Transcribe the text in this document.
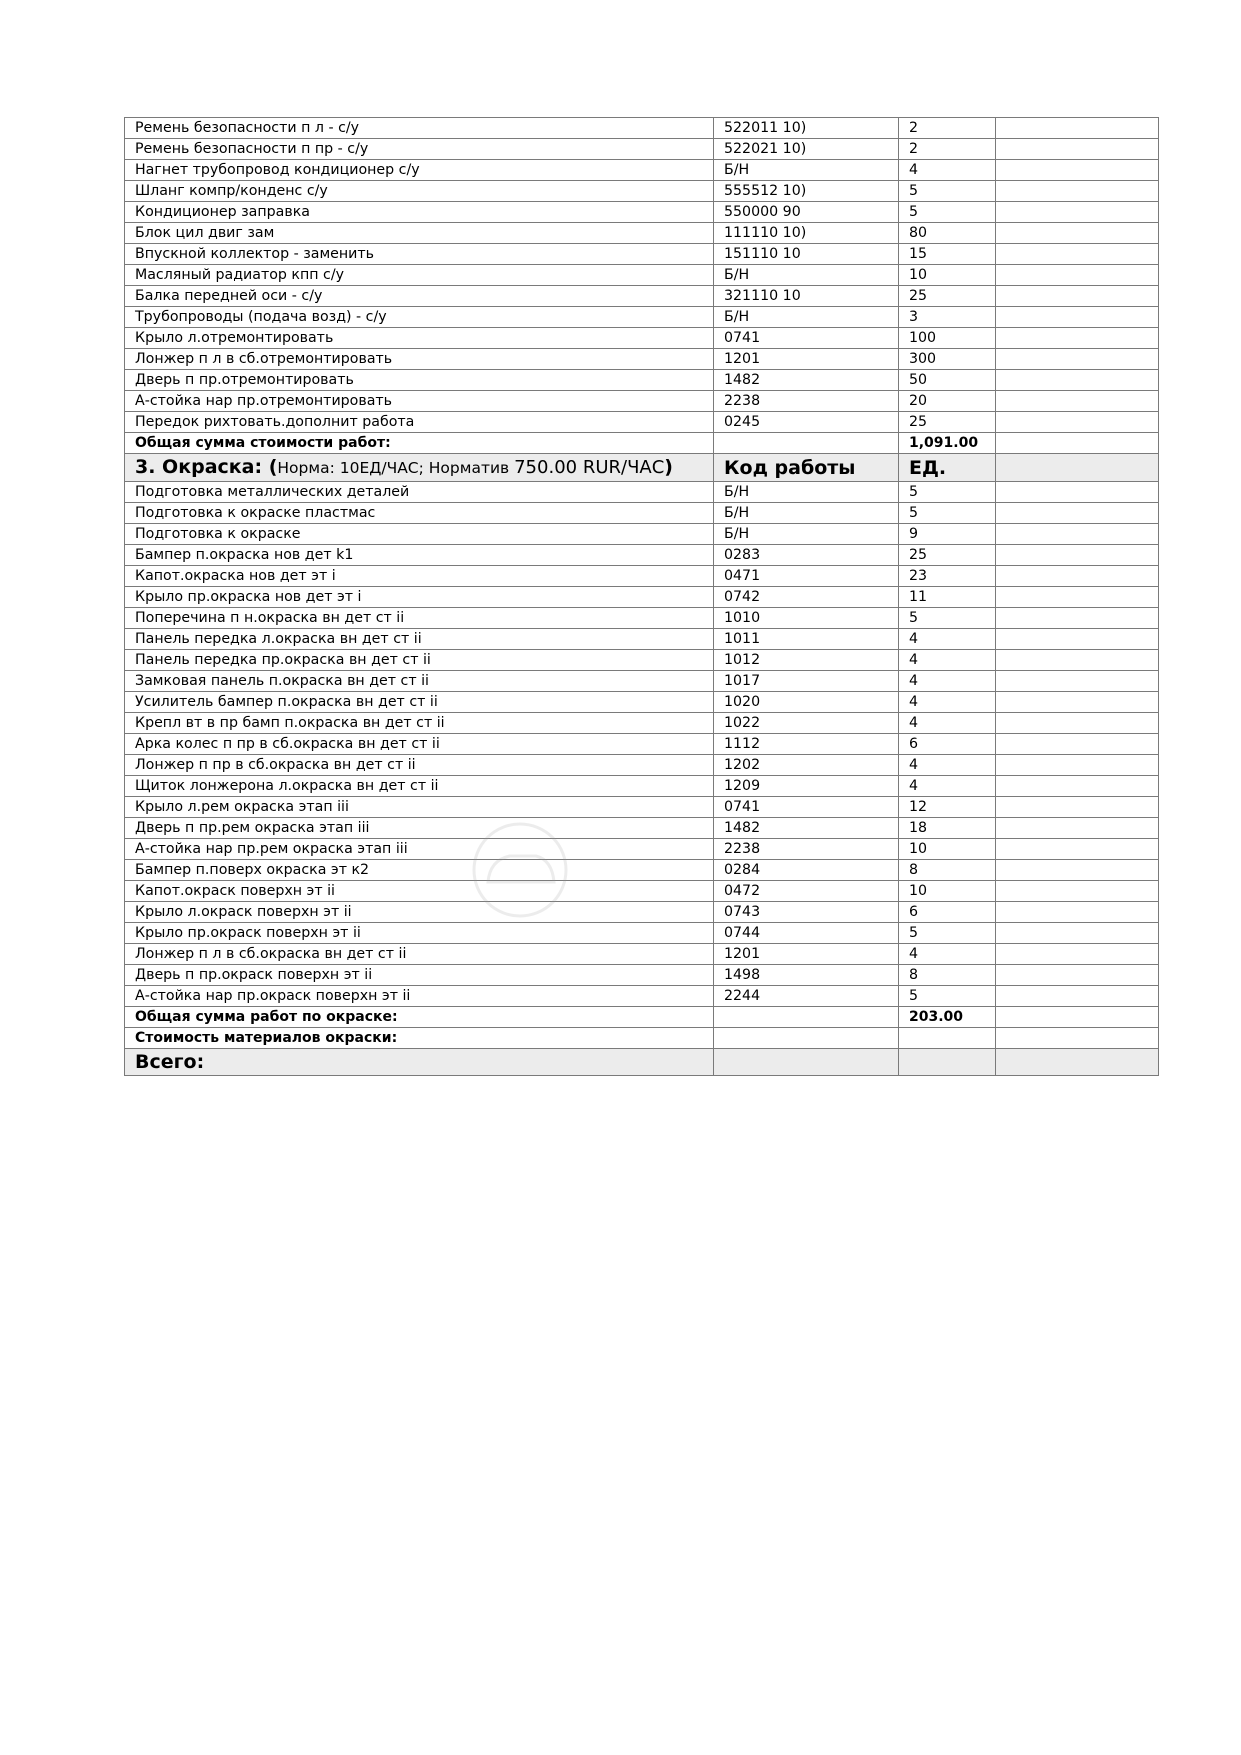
Ремень безопасности п л - с/у	522011 10)	2	
Ремень безопасности п пр - с/у	522021 10)	2	
Нагнет трубопровод кондиционер с/у	Б/Н	4	
Шланг компр/конденс с/у	555512 10)	5	
Кондиционер заправка	550000 90	5	
Блок цил двиг зам	111110 10)	80	
Впускной коллектор - заменить	151110 10	15	
Масляный радиатор кпп с/у	Б/Н	10	
Балка передней оси - с/у	321110 10	25	
Трубопроводы (подача возд) - с/у	Б/Н	3	
Крыло л.отремонтировать	0741	100	
Лонжер п л в сб.отремонтировать	1201	300	
Дверь п пр.отремонтировать	1482	50	
А-стойка нар пр.отремонтировать	2238	20	
Передок рихтовать.дополнит работа	0245	25	
Общая сумма стоимости работ:		1,091.00	
3. Окраска: (Норма: 10ЕД/ЧАС; Норматив 750.00 RUR/ЧАС)	Код работы	ЕД.	
Подготовка металлических деталей	Б/Н	5	
Подготовка к окраске пластмас	Б/Н	5	
Подготовка к окраске	Б/Н	9	
Бампер п.окраска нов дет k1	0283	25	
Капот.окраска нов дет эт i	0471	23	
Крыло пр.окраска нов дет эт i	0742	11	
Поперечина п н.окраска вн дет ст ii	1010	5	
Панель передка л.окраска вн дет ст ii	1011	4	
Панель передка пр.окраска вн дет ст ii	1012	4	
Замковая панель п.окраска вн дет ст ii	1017	4	
Усилитель бампер п.окраска вн дет ст ii	1020	4	
Крепл вт в пр бамп п.окраска вн дет ст ii	1022	4	
Арка колес п пр в сб.окраска вн дет ст ii	1112	6	
Лонжер п пр в сб.окраска вн дет ст ii	1202	4	
Щиток лонжерона л.окраска вн дет ст ii	1209	4	
Крыло л.рем окраска этап iii	0741	12	
Дверь п пр.рем окраска этап iii	1482	18	
А-стойка нар пр.рем окраска этап iii	2238	10	
Бампер п.поверх окраска эт к2	0284	8	
Капот.окраск поверхн эт ii	0472	10	
Крыло л.окраск поверхн эт ii	0743	6	
Крыло пр.окраск поверхн эт ii	0744	5	
Лонжер п л в сб.окраска вн дет ст ii	1201	4	
Дверь п пр.окраск поверхн эт ii	1498	8	
А-стойка нар пр.окраск поверхн эт ii	2244	5	
Общая сумма работ по окраске:		203.00	
Стоимость материалов окраски:			
Всего:			
